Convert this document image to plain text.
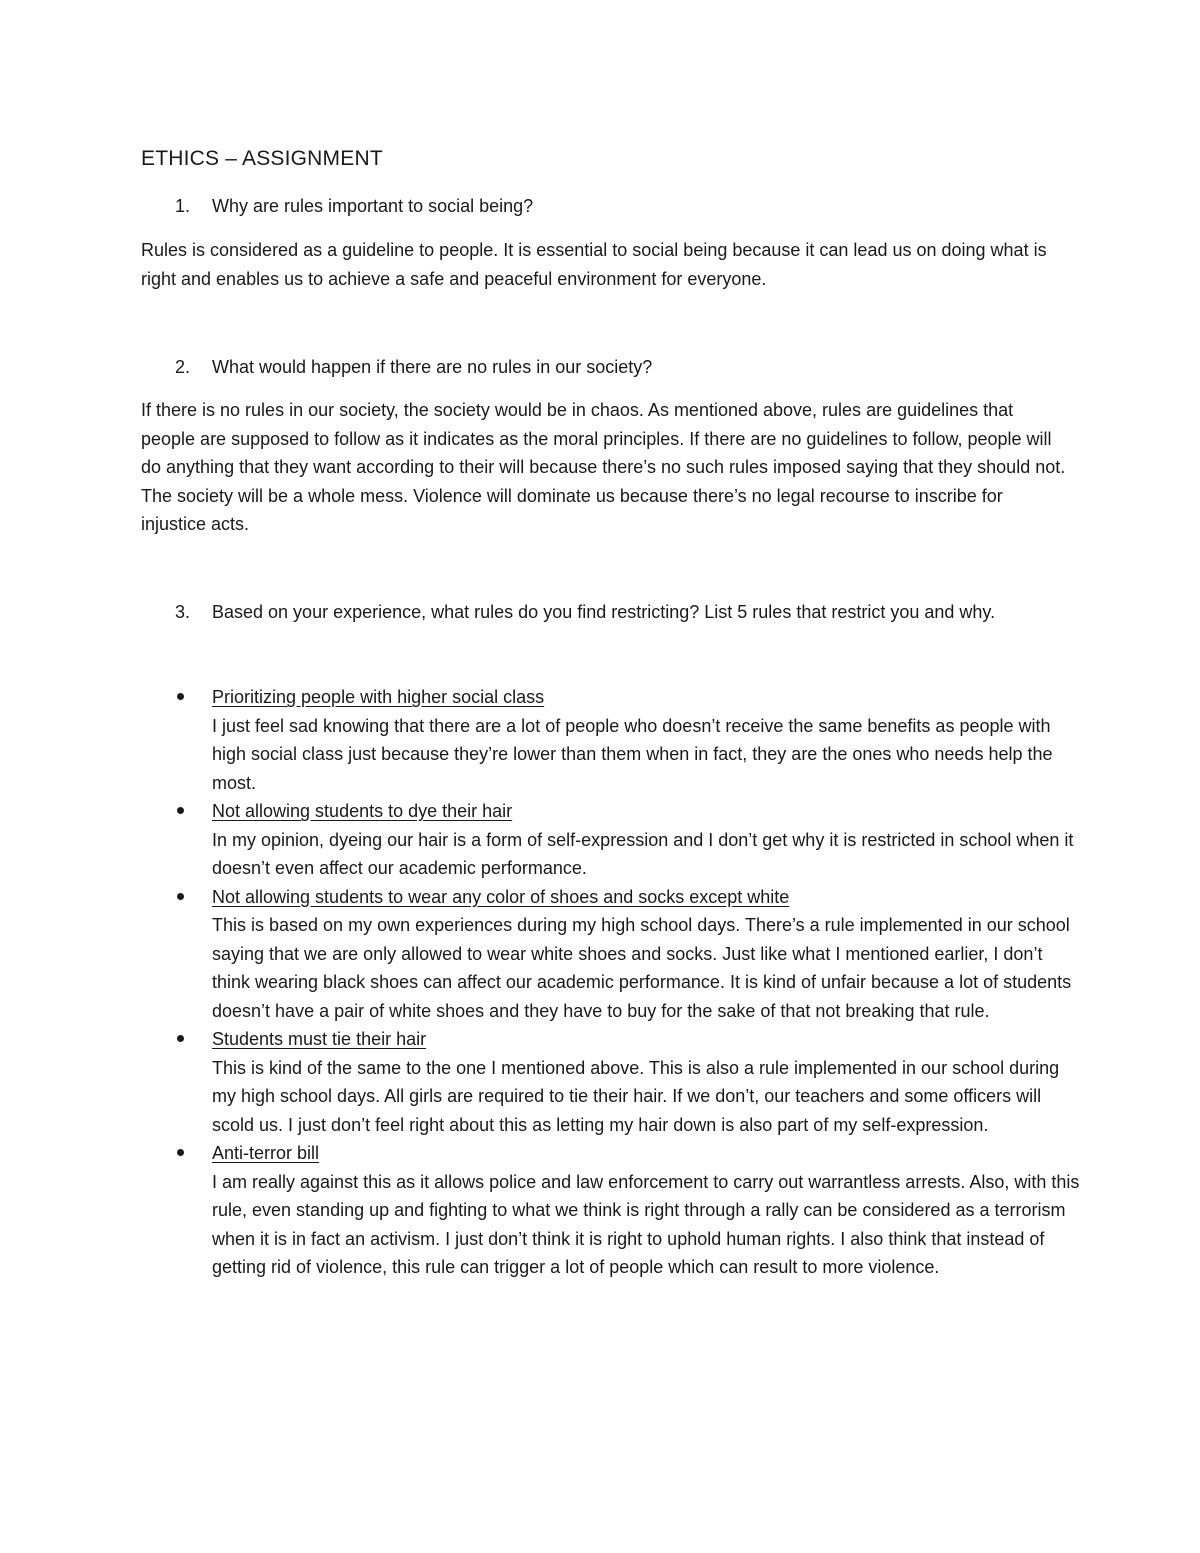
ETHICS – ASSIGNMENT
1.	Why are rules important to social being?
Rules is considered as a guideline to people. It is essential to social being because it can lead us on doing what is right and enables us to achieve a safe and peaceful environment for everyone.
2.	What would happen if there are no rules in our society?
If there is no rules in our society, the society would be in chaos. As mentioned above, rules are guidelines that people are supposed to follow as it indicates as the moral principles. If there are no guidelines to follow, people will do anything that they want according to their will because there’s no such rules imposed saying that they should not. The society will be a whole mess. Violence will dominate us because there’s no legal recourse to inscribe for injustice acts.
3.	Based on your experience, what rules do you find restricting? List 5 rules that restrict you and why.
Prioritizing people with higher social class
I just feel sad knowing that there are a lot of people who doesn’t receive the same benefits as people with high social class just because they’re lower than them when in fact, they are the ones who needs help the most.
Not allowing students to dye their hair
In my opinion, dyeing our hair is a form of self-expression and I don’t get why it is restricted in school when it doesn’t even affect our academic performance.
Not allowing students to wear any color of shoes and socks except white
This is based on my own experiences during my high school days. There’s a rule implemented in our school saying that we are only allowed to wear white shoes and socks. Just like what I mentioned earlier, I don’t think wearing black shoes can affect our academic performance. It is kind of unfair because a lot of students doesn’t have a pair of white shoes and they have to buy for the sake of that not breaking that rule.
Students must tie their hair
This is kind of the same to the one I mentioned above. This is also a rule implemented in our school during my high school days. All girls are required to tie their hair. If we don’t, our teachers and some officers will scold us. I just don’t feel right about this as letting my hair down is also part of my self-expression.
Anti-terror bill
I am really against this as it allows police and law enforcement to carry out warrantless arrests. Also, with this rule, even standing up and fighting to what we think is right through a rally can be considered as a terrorism when it is in fact an activism. I just don’t think it is right to uphold human rights. I also think that instead of getting rid of violence, this rule can trigger a lot of people which can result to more violence.
